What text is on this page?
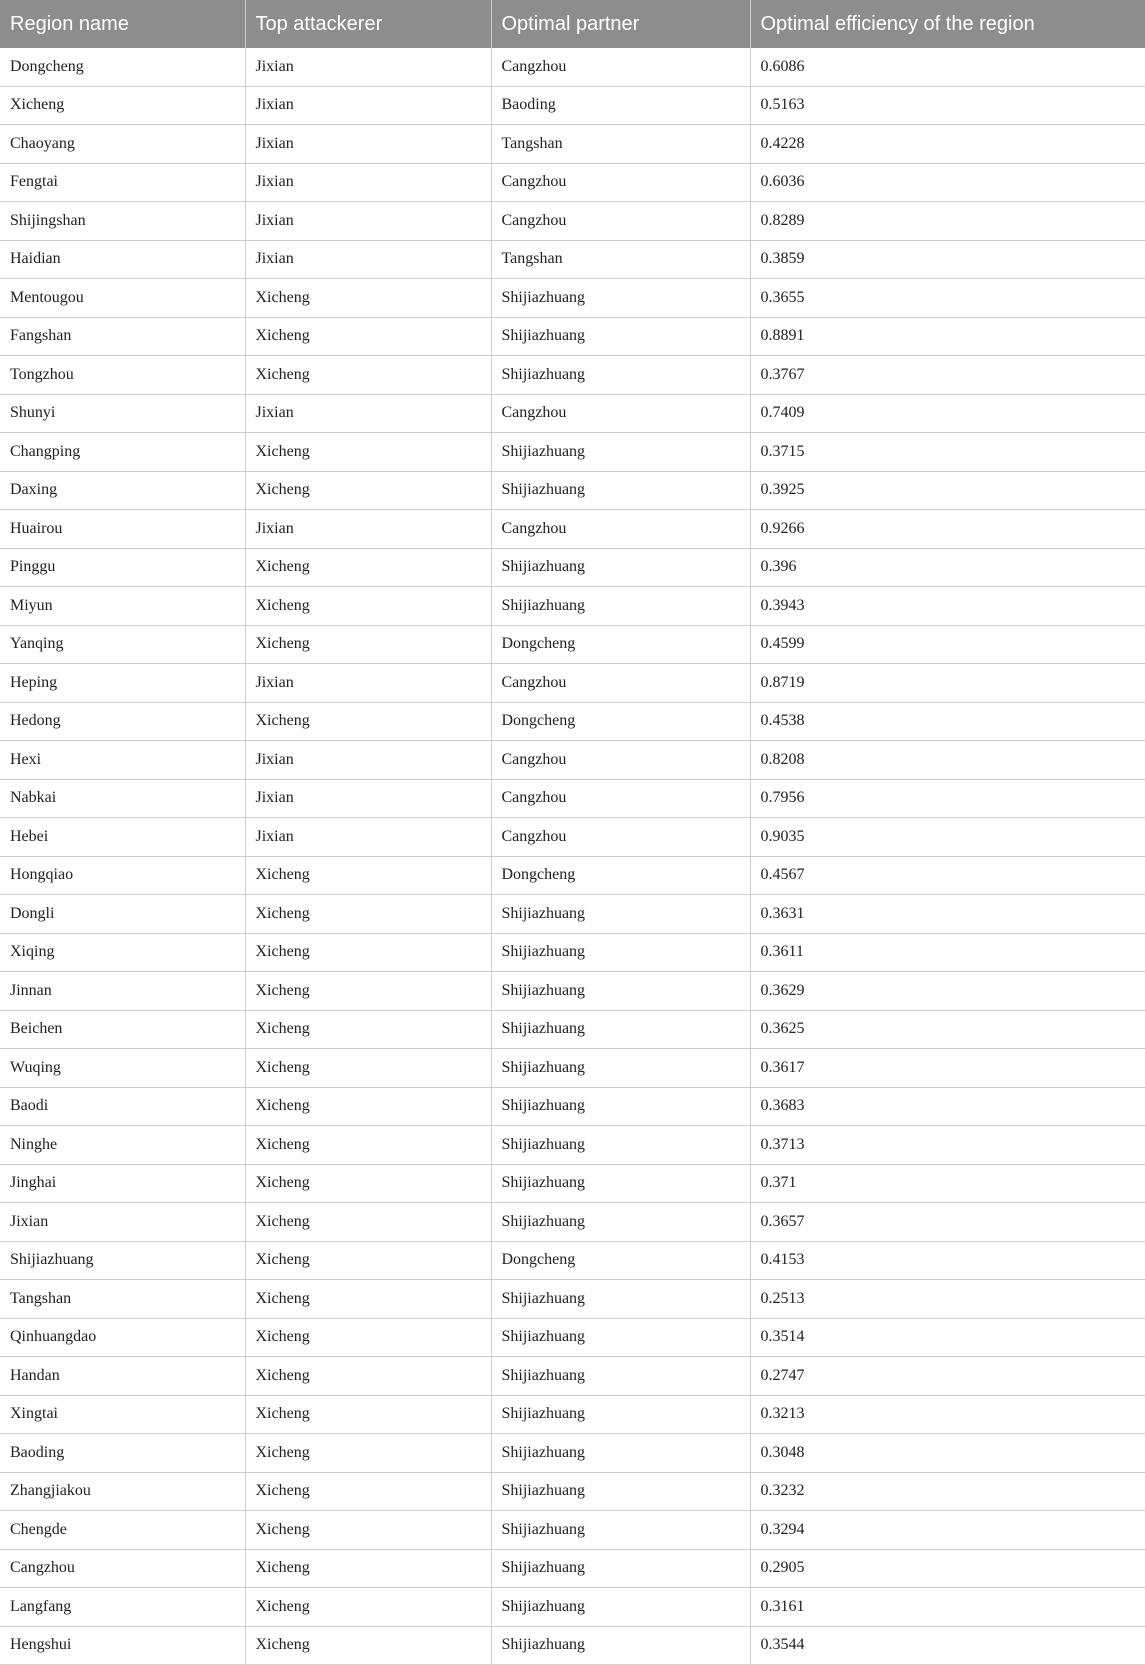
Region name	Top attackerer	Optimal partner	Optimal efficiency of the region
Dongcheng	Jixian	Cangzhou	0.6086
Xicheng	Jixian	Baoding	0.5163
Chaoyang	Jixian	Tangshan	0.4228
Fengtai	Jixian	Cangzhou	0.6036
Shijingshan	Jixian	Cangzhou	0.8289
Haidian	Jixian	Tangshan	0.3859
Mentougou	Xicheng	Shijiazhuang	0.3655
Fangshan	Xicheng	Shijiazhuang	0.8891
Tongzhou	Xicheng	Shijiazhuang	0.3767
Shunyi	Jixian	Cangzhou	0.7409
Changping	Xicheng	Shijiazhuang	0.3715
Daxing	Xicheng	Shijiazhuang	0.3925
Huairou	Jixian	Cangzhou	0.9266
Pinggu	Xicheng	Shijiazhuang	0.396
Miyun	Xicheng	Shijiazhuang	0.3943
Yanqing	Xicheng	Dongcheng	0.4599
Heping	Jixian	Cangzhou	0.8719
Hedong	Xicheng	Dongcheng	0.4538
Hexi	Jixian	Cangzhou	0.8208
Nabkai	Jixian	Cangzhou	0.7956
Hebei	Jixian	Cangzhou	0.9035
Hongqiao	Xicheng	Dongcheng	0.4567
Dongli	Xicheng	Shijiazhuang	0.3631
Xiqing	Xicheng	Shijiazhuang	0.3611
Jinnan	Xicheng	Shijiazhuang	0.3629
Beichen	Xicheng	Shijiazhuang	0.3625
Wuqing	Xicheng	Shijiazhuang	0.3617
Baodi	Xicheng	Shijiazhuang	0.3683
Ninghe	Xicheng	Shijiazhuang	0.3713
Jinghai	Xicheng	Shijiazhuang	0.371
Jixian	Xicheng	Shijiazhuang	0.3657
Shijiazhuang	Xicheng	Dongcheng	0.4153
Tangshan	Xicheng	Shijiazhuang	0.2513
Qinhuangdao	Xicheng	Shijiazhuang	0.3514
Handan	Xicheng	Shijiazhuang	0.2747
Xingtai	Xicheng	Shijiazhuang	0.3213
Baoding	Xicheng	Shijiazhuang	0.3048
Zhangjiakou	Xicheng	Shijiazhuang	0.3232
Chengde	Xicheng	Shijiazhuang	0.3294
Cangzhou	Xicheng	Shijiazhuang	0.2905
Langfang	Xicheng	Shijiazhuang	0.3161
Hengshui	Xicheng	Shijiazhuang	0.3544
